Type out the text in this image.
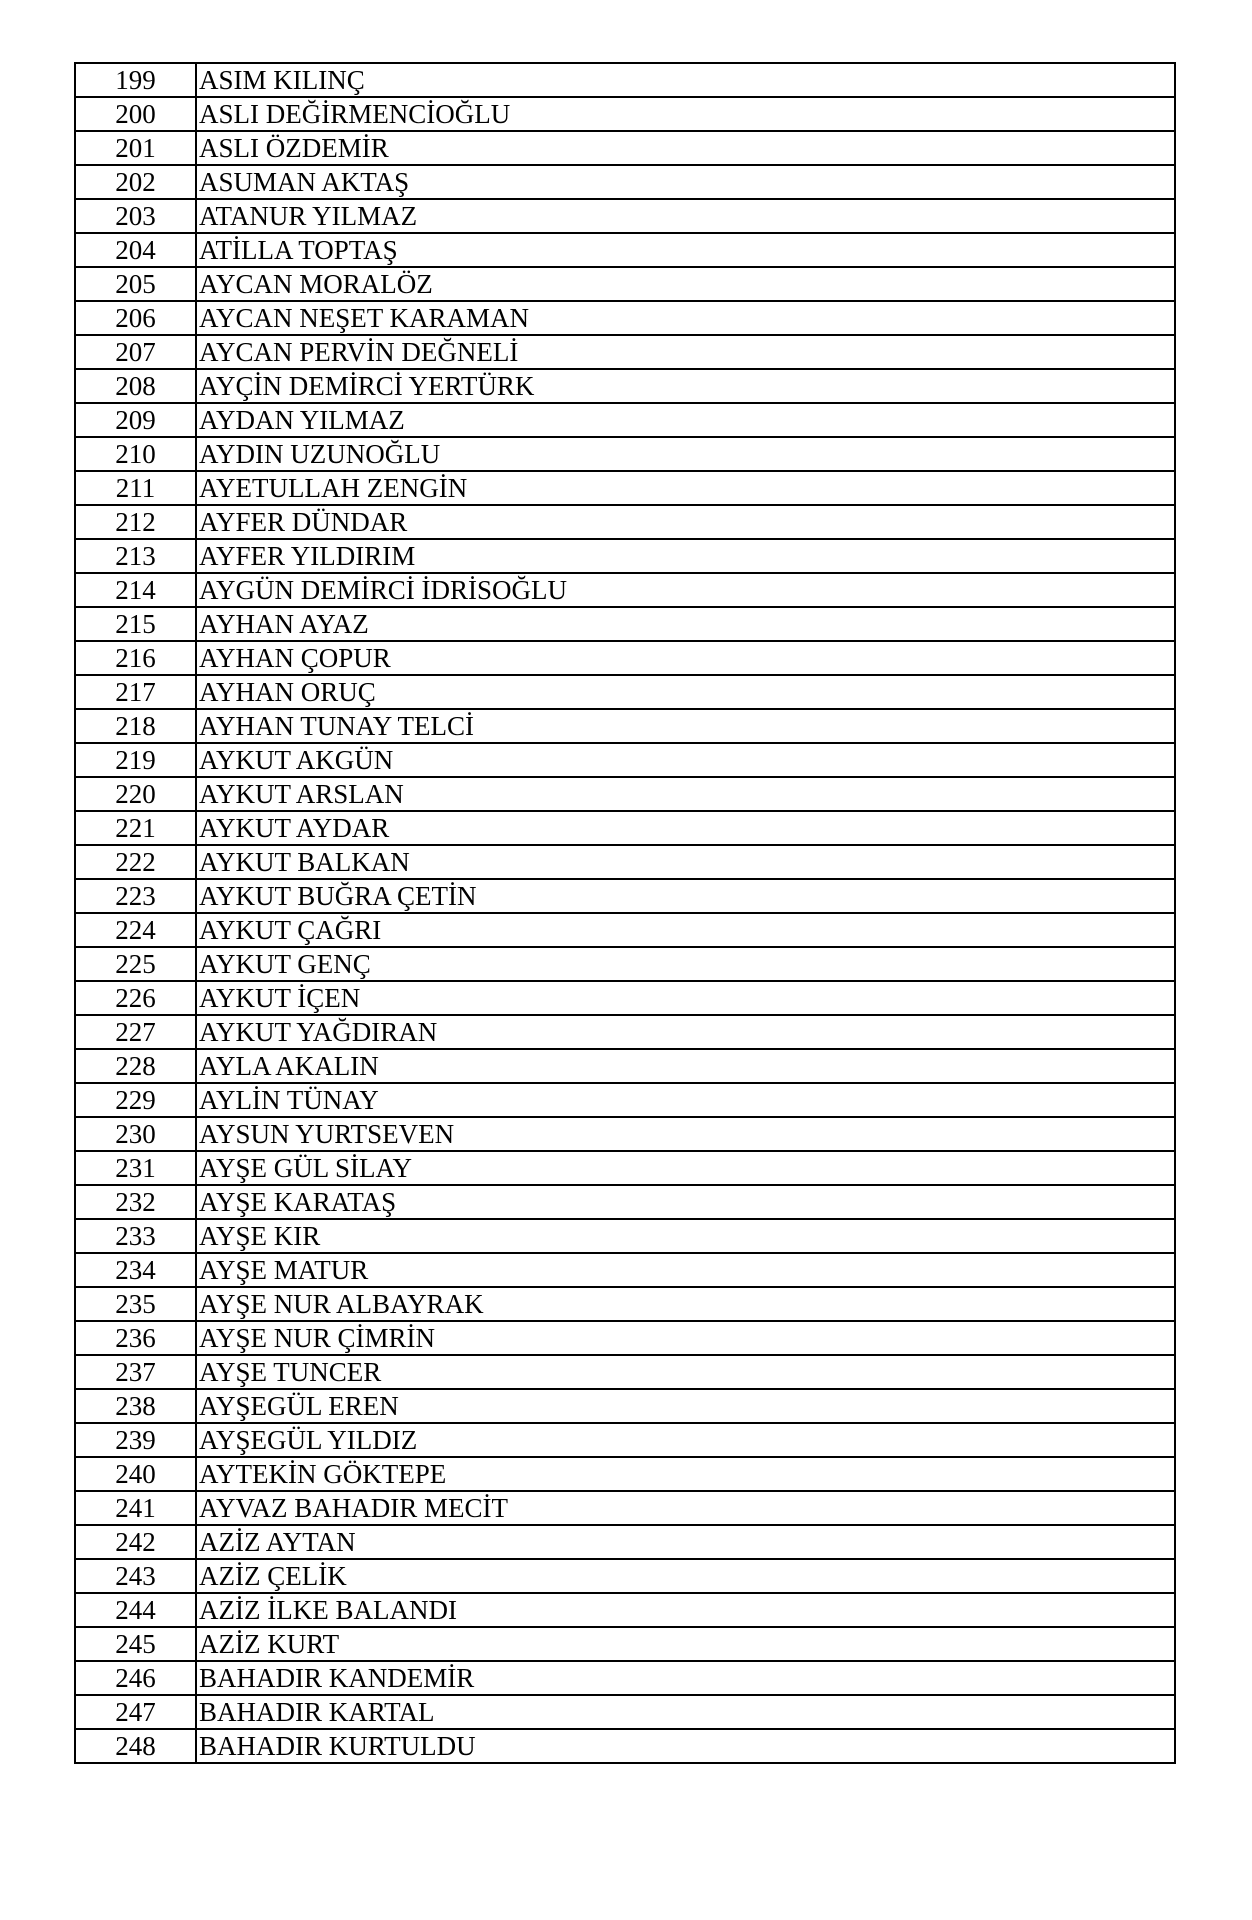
199	ASIM KILINÇ
200	ASLI DEĞİRMENCİOĞLU
201	ASLI ÖZDEMİR
202	ASUMAN AKTAŞ
203	ATANUR YILMAZ
204	ATİLLA TOPTAŞ
205	AYCAN MORALÖZ
206	AYCAN NEŞET KARAMAN
207	AYCAN PERVİN DEĞNELİ
208	AYÇİN DEMİRCİ YERTÜRK
209	AYDAN YILMAZ
210	AYDIN UZUNOĞLU
211	AYETULLAH ZENGİN
212	AYFER DÜNDAR
213	AYFER YILDIRIM
214	AYGÜN DEMİRCİ İDRİSOĞLU
215	AYHAN AYAZ
216	AYHAN ÇOPUR
217	AYHAN ORUÇ
218	AYHAN TUNAY TELCİ
219	AYKUT AKGÜN
220	AYKUT ARSLAN
221	AYKUT AYDAR
222	AYKUT BALKAN
223	AYKUT BUĞRA ÇETİN
224	AYKUT ÇAĞRI
225	AYKUT GENÇ
226	AYKUT İÇEN
227	AYKUT YAĞDIRAN
228	AYLA AKALIN
229	AYLİN TÜNAY
230	AYSUN YURTSEVEN
231	AYŞE GÜL SİLAY
232	AYŞE KARATAŞ
233	AYŞE KIR
234	AYŞE MATUR
235	AYŞE NUR ALBAYRAK
236	AYŞE NUR ÇİMRİN
237	AYŞE TUNCER
238	AYŞEGÜL EREN
239	AYŞEGÜL YILDIZ
240	AYTEKİN GÖKTEPE
241	AYVAZ BAHADIR MECİT
242	AZİZ AYTAN
243	AZİZ ÇELİK
244	AZİZ İLKE BALANDI
245	AZİZ KURT
246	BAHADIR KANDEMİR
247	BAHADIR KARTAL
248	BAHADIR KURTULDU
